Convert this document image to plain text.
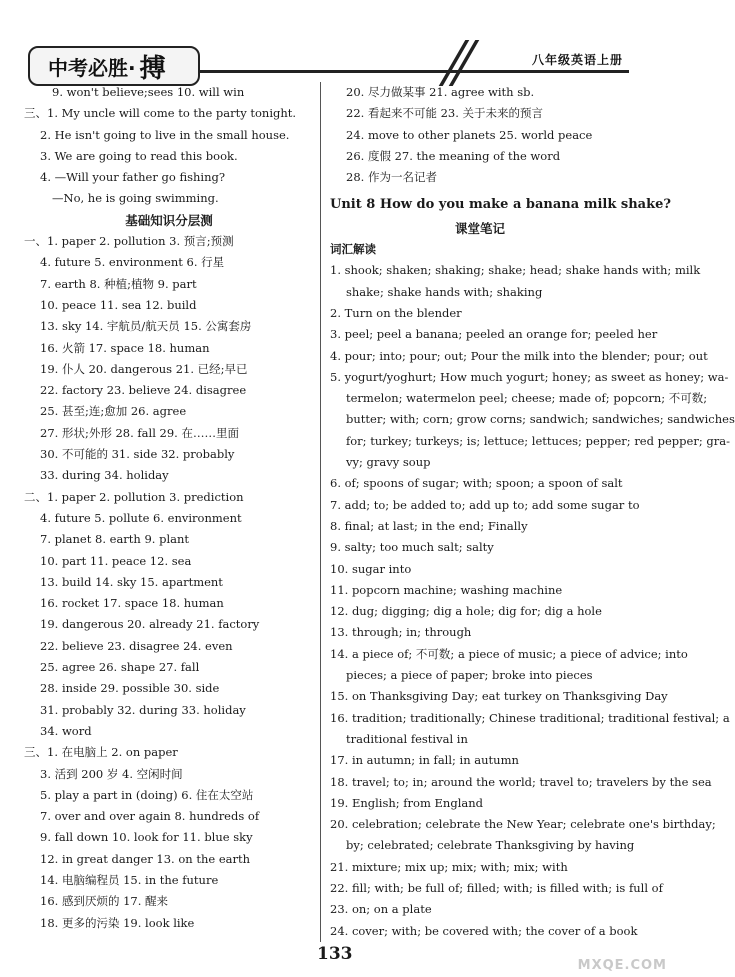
中考必胜· 搏	八年级英语上册
9. won't believe;sees 10. will win
三、1. My uncle will come to the party tonight.
2. He isn't going to live in the small house.
3. We are going to read this book.
4. —Will your father go fishing?
—No, he is going swimming.
基础知识分层测
一、1. paper 2. pollution 3. 预言;预测
4. future 5. environment 6. 行星
7. earth 8. 种植;植物 9. part
10. peace 11. sea 12. build
13. sky 14. 宇航员/航天员 15. 公寓套房
16. 火箭 17. space 18. human
19. 仆人 20. dangerous 21. 已经;早已
22. factory 23. believe 24. disagree
25. 甚至;连;愈加 26. agree
27. 形状;外形 28. fall 29. 在……里面
30. 不可能的 31. side 32. probably
33. during 34. holiday
二、1. paper 2. pollution 3. prediction
4. future 5. pollute 6. environment
7. planet 8. earth 9. plant
10. part 11. peace 12. sea
13. build 14. sky 15. apartment
16. rocket 17. space 18. human
19. dangerous 20. already 21. factory
22. believe 23. disagree 24. even
25. agree 26. shape 27. fall
28. inside 29. possible 30. side
31. probably 32. during 33. holiday
34. word
三、1. 在电脑上 2. on paper
3. 活到 200 岁 4. 空闲时间
5. play a part in (doing) 6. 住在太空站
7. over and over again 8. hundreds of
9. fall down 10. look for 11. blue sky
12. in great danger 13. on the earth
14. 电脑编程员 15. in the future
16. 感到厌烦的 17. 醒来
18. 更多的污染 19. look like
20. 尽力做某事 21. agree with sb.
22. 看起来不可能 23. 关于未来的预言
24. move to other planets 25. world peace
26. 度假 27. the meaning of the word
28. 作为一名记者
Unit 8 How do you make a banana milk shake?
课堂笔记
词汇解读
1. shook; shaken; shaking; shake; head; shake hands with; milk
shake; shake hands with; shaking
2. Turn on the blender
3. peel; peel a banana; peeled an orange for; peeled her
4. pour; into; pour; out; Pour the milk into the blender; pour; out
5. yogurt/yoghurt; How much yogurt; honey; as sweet as honey; wa-
termelon; watermelon peel; cheese; made of; popcorn; 不可数;
butter; with; corn; grow corns; sandwich; sandwiches; sandwiches
for; turkey; turkeys; is; lettuce; lettuces; pepper; red pepper; gra-
vy; gravy soup
6. of; spoons of sugar; with; spoon; a spoon of salt
7. add; to; be added to; add up to; add some sugar to
8. final; at last; in the end; Finally
9. salty; too much salt; salty
10. sugar into
11. popcorn machine; washing machine
12. dug; digging; dig a hole; dig for; dig a hole
13. through; in; through
14. a piece of; 不可数; a piece of music; a piece of advice; into
pieces; a piece of paper; broke into pieces
15. on Thanksgiving Day; eat turkey on Thanksgiving Day
16. tradition; traditionally; Chinese traditional; traditional festival; a
traditional festival in
17. in autumn; in fall; in autumn
18. travel; to; in; around the world; travel to; travelers by the sea
19. English; from England
20. celebration; celebrate the New Year; celebrate one's birthday;
by; celebrated; celebrate Thanksgiving by having
21. mixture; mix up; mix; with; mix; with
22. fill; with; be full of; filled; with; is filled with; is full of
23. on; on a plate
24. cover; with; be covered with; the cover of a book
133
MXQE.COM
